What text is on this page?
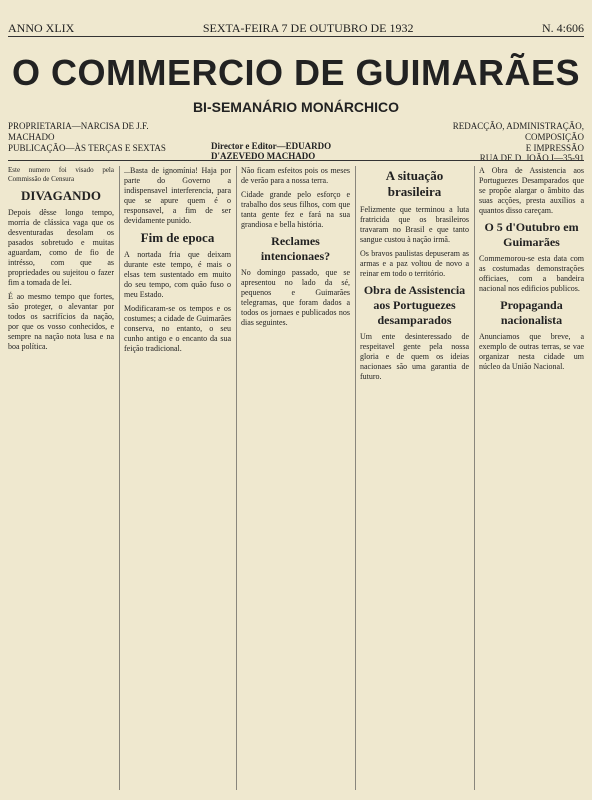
ANNO XLIX	SEXTA-FEIRA 7 DE OUTUBRO DE 1932	N. 4:606
O COMMERCIO DE GUIMARÃES
BI-SEMANÁRIO MONÁRCHICO
PROPRIETARIA—NARCISA DE J.F. MACHADO
PUBLICAÇÃO—ÀS TERÇAS E SEXTAS	Director e Editor—EDUARDO D'AZEVEDO MACHADO
REDACÇÃO, ADMINISTRAÇÃO, COMPOSIÇÃO
E IMPRESSÃO
RUA DE D. JOÃO I—35-91

Este numero foi visado pela Commissão de Censura

DIVAGANDO

Depois dêsse longo tempo, morria de clássica vaga que os desventuradas desolam os pasados sobretudo e muitas aguardam, como de fio de intrésso, com que as propriedades ou sujeitou o fazer fim a tomada de lei.

É ao mesmo tempo que fortes, são proteger, o alevantar por todos os sacrifícios da nação, por que os vosso conhecidos, e sempre na nação nota lusa e na boa política.

...Basta de ignomínia! Haja por parte do Governo a indispensavel interferencia, para que se apure quem é o responsavel, a fim de ser devidamente punido.

Fim de epoca

A nortada fria que deixam durante este tempo, é mais o elsas tem sustentado em muito do seu tempo, com quão fuso o meu Estado.

Modificaram-se os tempos e os costumes; a cidade de Guimarães conserva, no entanto, o seu cunho antigo e o encanto da sua feição tradicional.

Não ficam esfeitos pois os meses de verão para a nossa terra.

Cidade grande pelo esforço e trabalho dos seus filhos, com que tanta gente fez e fará na sua grandiosa e bella história.

Reclames intencionaes?

No domingo passado, que se apresentou no lado da sé, pequenos e Guimarães telegramas, que foram dados a todos os jornaes e publicados nos dias seguintes.

A situação brasileira

Felizmente que terminou a luta fratricida que os brasileiros travaram no Brasil e que tanto sangue custou à nação irmã.

Os bravos paulistas depuseram as armas e a paz voltou de novo a reinar em todo o território.

Obra de Assistencia aos Portuguezes desamparados

Um ente desinteressado de respeitavel gente pela nossa gloria e de quem os ideias nacionaes são uma garantia de futuro.

A Obra de Assistencia aos Portuguezes Desamparados que se propõe alargar o âmbito das suas acções, presta auxílios a quantos disso careçam.

O 5 d'Outubro em Guimarães

Commemorou-se esta data com as costumadas demonstrações officiaes, com a bandeira nacional nos edificios publicos.

Propaganda nacionalista

Anunciamos que breve, a exemplo de outras terras, se vae organizar nesta cidade um núcleo da União Nacional.
